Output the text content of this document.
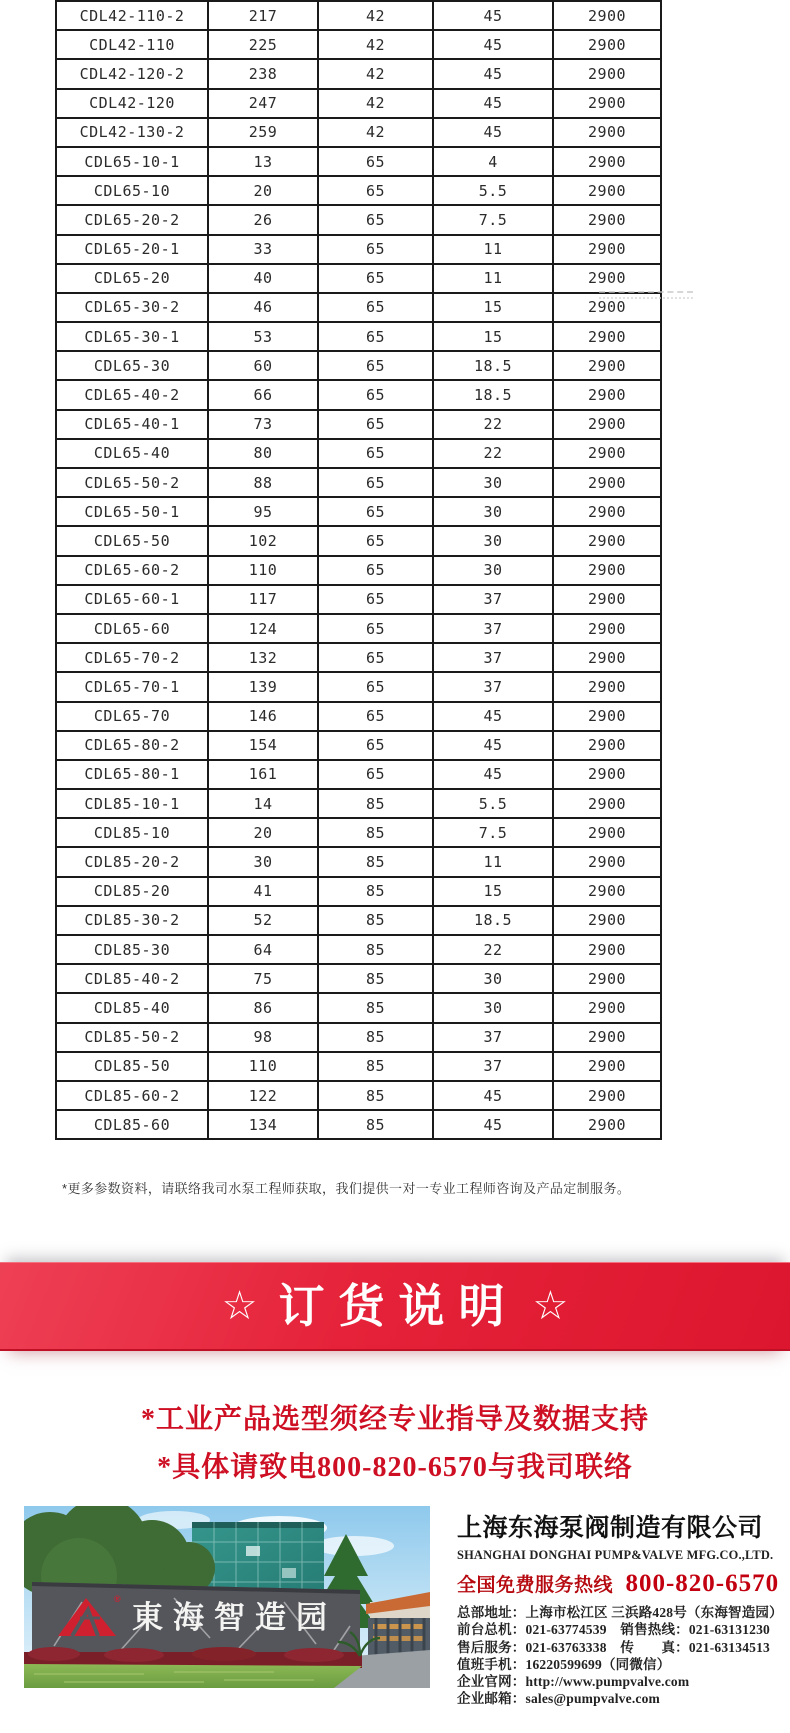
CDL42-110-2	217	42	45	2900
CDL42-110	225	42	45	2900
CDL42-120-2	238	42	45	2900
CDL42-120	247	42	45	2900
CDL42-130-2	259	42	45	2900
CDL65-10-1	13	65	4	2900
CDL65-10	20	65	5.5	2900
CDL65-20-2	26	65	7.5	2900
CDL65-20-1	33	65	11	2900
CDL65-20	40	65	11	2900
CDL65-30-2	46	65	15	2900
CDL65-30-1	53	65	15	2900
CDL65-30	60	65	18.5	2900
CDL65-40-2	66	65	18.5	2900
CDL65-40-1	73	65	22	2900
CDL65-40	80	65	22	2900
CDL65-50-2	88	65	30	2900
CDL65-50-1	95	65	30	2900
CDL65-50	102	65	30	2900
CDL65-60-2	110	65	30	2900
CDL65-60-1	117	65	37	2900
CDL65-60	124	65	37	2900
CDL65-70-2	132	65	37	2900
CDL65-70-1	139	65	37	2900
CDL65-70	146	65	45	2900
CDL65-80-2	154	65	45	2900
CDL65-80-1	161	65	45	2900
CDL85-10-1	14	85	5.5	2900
CDL85-10	20	85	7.5	2900
CDL85-20-2	30	85	11	2900
CDL85-20	41	85	15	2900
CDL85-30-2	52	85	18.5	2900
CDL85-30	64	85	22	2900
CDL85-40-2	75	85	30	2900
CDL85-40	86	85	30	2900
CDL85-50-2	98	85	37	2900
CDL85-50	110	85	37	2900
CDL85-60-2	122	85	45	2900
CDL85-60	134	85	45	2900

*更多参数资料，请联络我司水泵工程师获取，我们提供一对一专业工程师咨询及产品定制服务。

☆ 订货说明 ☆
*工业产品选型须经专业指导及数据支持
*具体请致电800-820-6570与我司联络
®
東海智造园
上海东海泵阀制造有限公司
SHANGHAI DONGHAI PUMP&VALVE MFG.CO.,LTD.
全国免费服务热线 800-820-6570
总部地址：上海市松江区 三浜路428号（东海智造园）
前台总机：021-63774539　销售热线：021-63131230
售后服务：021-63763338　传　　真：021-63134513
值班手机：16220599699（同微信）
企业官网：http://www.pumpvalve.com
企业邮箱：sales@pumpvalve.com
